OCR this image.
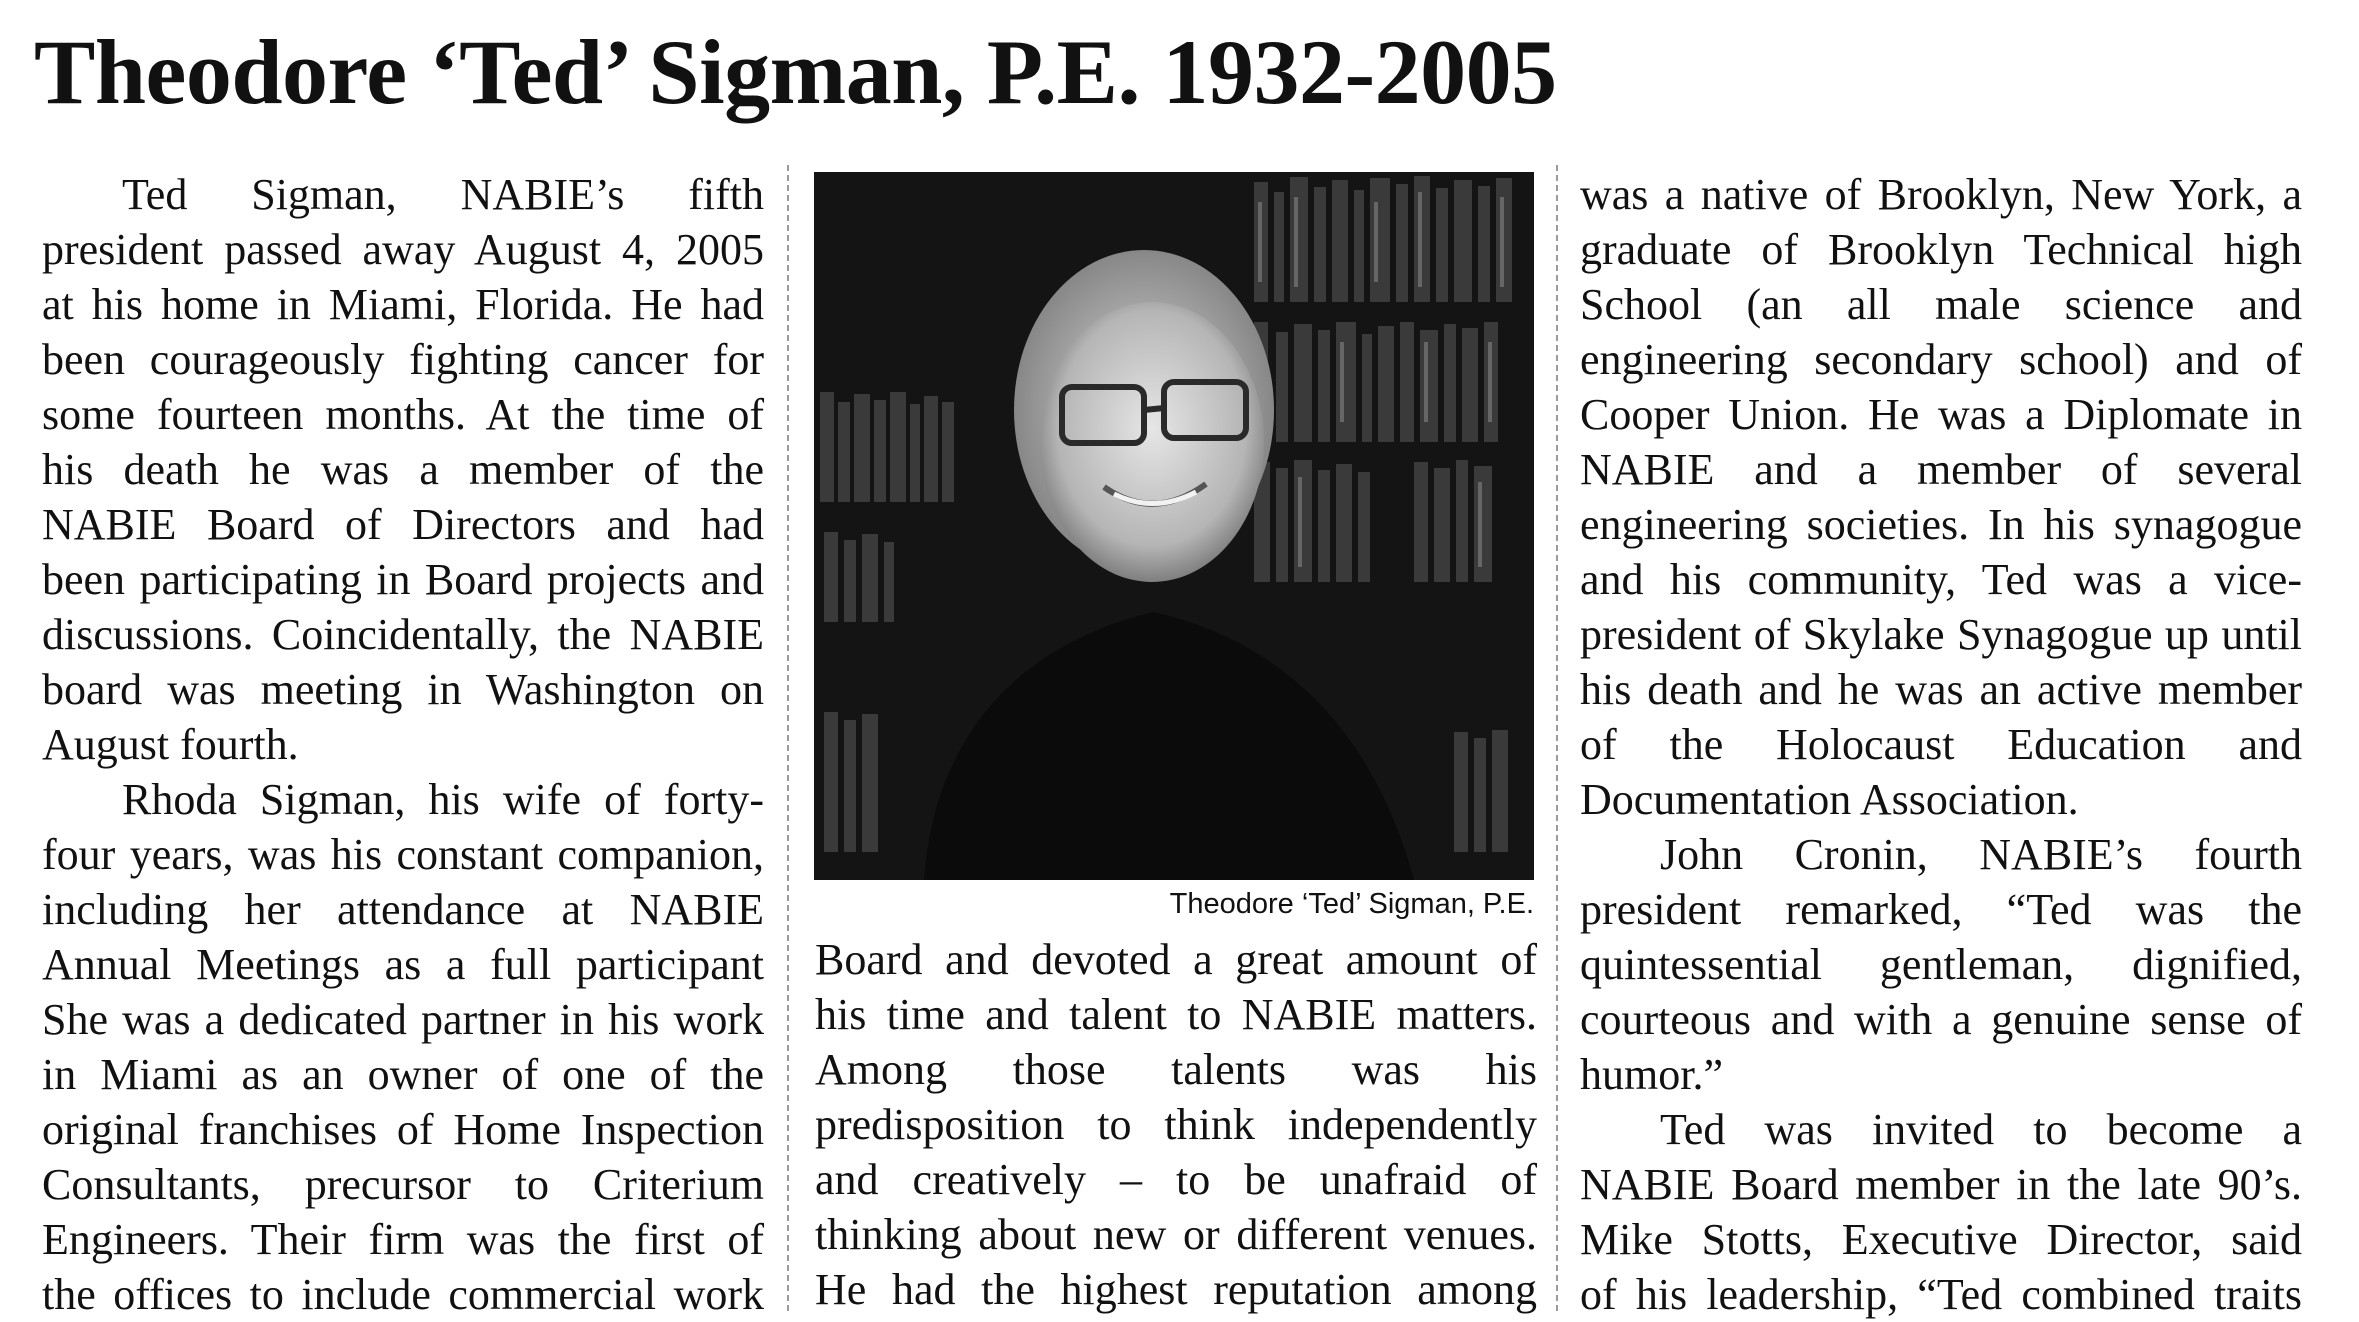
Theodore ‘Ted’ Sigman, P.E. 1932-2005

Ted Sigman, NABIE’s fifth
president passed away August 4, 2005
at his home in Miami, Florida. He had
been courageously fighting cancer for
some fourteen months. At the time of
his death he was a member of the
NABIE Board of Directors and had
been participating in Board projects and
discussions. Coincidentally, the NABIE
board was meeting in Washington on
August fourth.

Rhoda Sigman, his wife of forty-
four years, was his constant companion,
including her attendance at NABIE
Annual Meetings as a full participant
She was a dedicated partner in his work
in Miami as an owner of one of the
original franchises of Home Inspection
Consultants, precursor to Criterium
Engineers. Their firm was the first of
the offices to include commercial work

Theodore ‘Ted’ Sigman, P.E.

Board and devoted a great amount of
his time and talent to NABIE matters.
Among those talents was his
predisposition to think independently
and creatively – to be unafraid of
thinking about new or different venues.
He had the highest reputation among

was a native of Brooklyn, New York, a
graduate of Brooklyn Technical high
School (an all male science and
engineering secondary school) and of
Cooper Union. He was a Diplomate in
NABIE and a member of several
engineering societies. In his synagogue
and his community, Ted was a vice-
president of Skylake Synagogue up until
his death and he was an active member
of the Holocaust Education and
Documentation Association.

John Cronin, NABIE’s fourth
president remarked, “Ted was the
quintessential gentleman, dignified,
courteous and with a genuine sense of
humor.”

Ted was invited to become a
NABIE Board member in the late 90’s.
Mike Stotts, Executive Director, said
of his leadership, “Ted combined traits
